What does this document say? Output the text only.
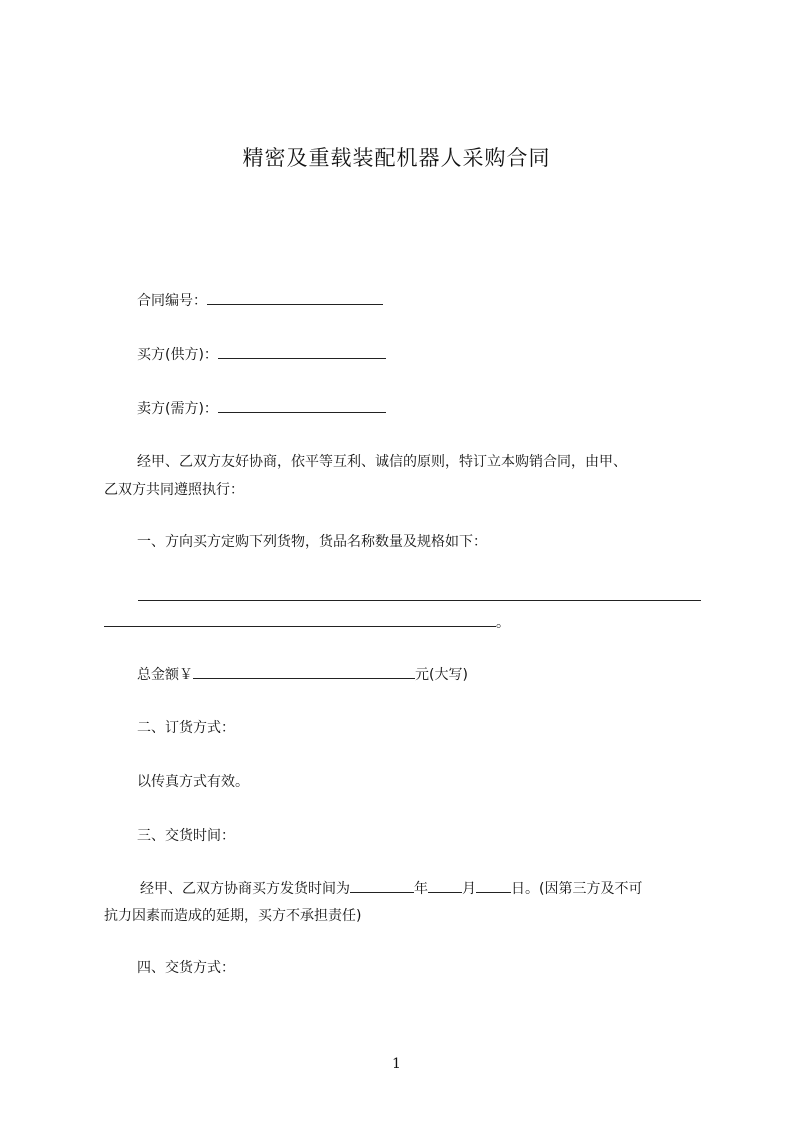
精密及重载装配机器人采购合同
合同编号：
买方(供方)：
卖方(需方)：
经甲、乙双方友好协商，依平等互利、诚信的原则，特订立本购销合同，由甲、
乙双方共同遵照执行：
一、方向买方定购下列货物，货品名称数量及规格如下：
。
总金额￥	元(大写)
二、订货方式：
以传真方式有效。
三、交货时间：
经甲、乙双方协商买方发货时间为	年 月	日。(因第三方及不可
抗力因素而造成的延期，买方不承担责任)
四、交货方式：
1
